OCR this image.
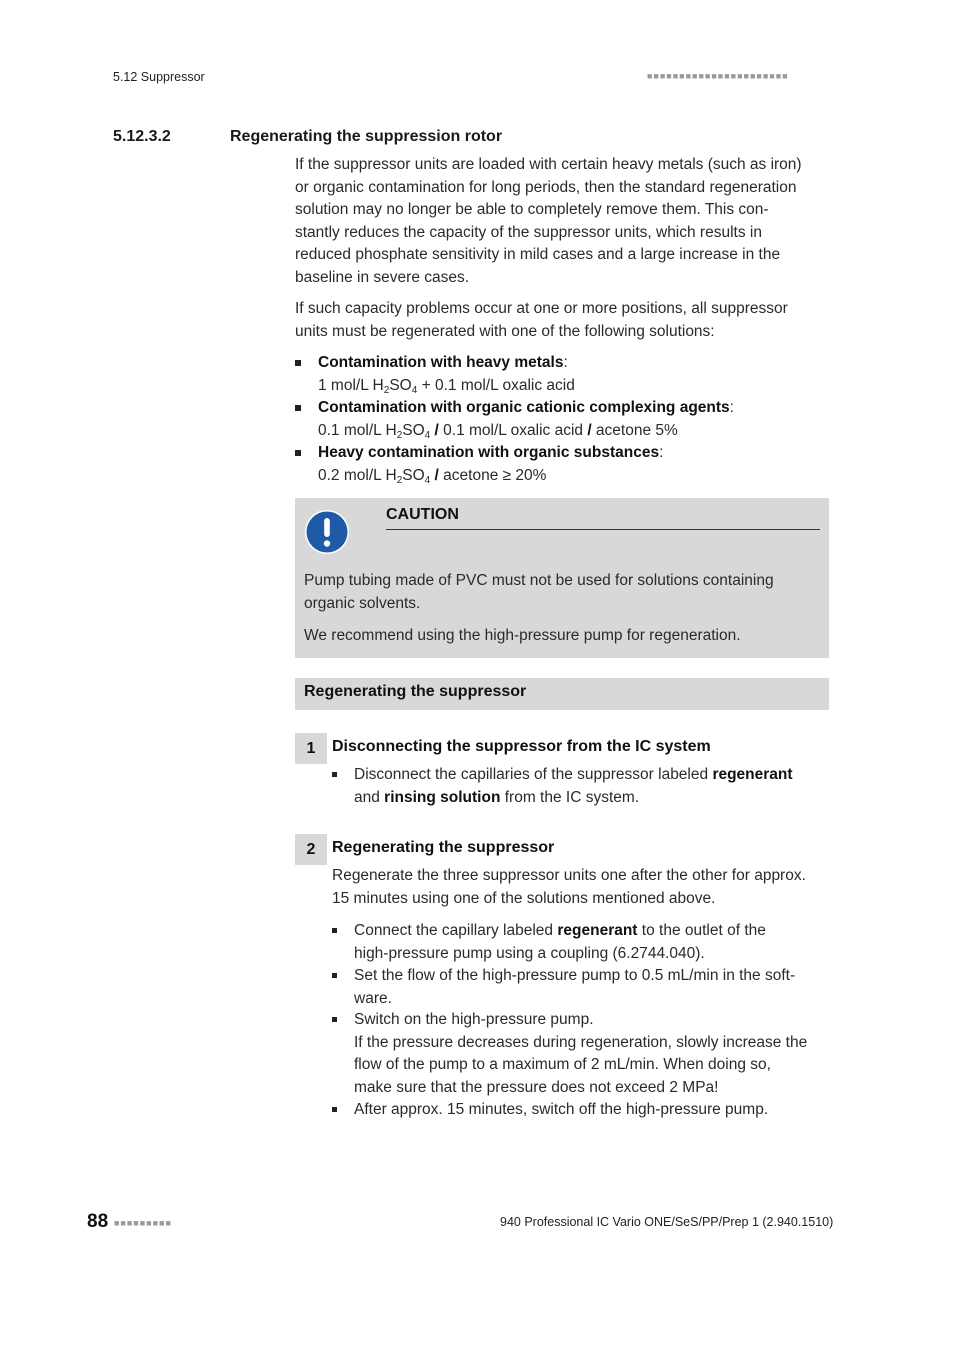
5.12 Suppressor	■■■■■■■■■■■■■■■■■■■■■■
5.12.3.2	Regenerating the suppression rotor
If the suppressor units are loaded with certain heavy metals (such as iron)
or organic contamination for long periods, then the standard regeneration
solution may no longer be able to completely remove them. This con-
stantly reduces the capacity of the suppressor units, which results in
reduced phosphate sensitivity in mild cases and a large increase in the
baseline in severe cases.
If such capacity problems occur at one or more positions, all suppressor
units must be regenerated with one of the following solutions:
Contamination with heavy metals:
1 mol/L $H_2SO_4 + 0.1$ mol/L oxalic acid
Contamination with organic cationic complexing agents:
0.1 mol/L $H_2SO_4 / 0.1$ mol/L oxalic acid / acetone 5%
Heavy contamination with organic substances:
0.2 mol/L $H_2SO_4$ / acetone ≥ 20%
CAUTION
Pump tubing made of PVC must not be used for solutions containing
organic solvents.
We recommend using the high-pressure pump for regeneration.
Regenerating the suppressor
1	Disconnecting the suppressor from the IC system
Disconnect the capillaries of the suppressor labeled regenerant
and rinsing solution from the IC system.
2	Regenerating the suppressor
Regenerate the three suppressor units one after the other for approx.
15 minutes using one of the solutions mentioned above.
Connect the capillary labeled regenerant to the outlet of the
high-pressure pump using a coupling (6.2744.040).
Set the flow of the high-pressure pump to 0.5 mL/min in the soft-
ware.
Switch on the high-pressure pump.
If the pressure decreases during regeneration, slowly increase the
flow of the pump to a maximum of 2 mL/min. When doing so,
make sure that the pressure does not exceed 2 MPa!
After approx. 15 minutes, switch off the high-pressure pump.
88 ■■■■■■■■■	940 Professional IC Vario ONE/SeS/PP/Prep 1 (2.940.1510)
